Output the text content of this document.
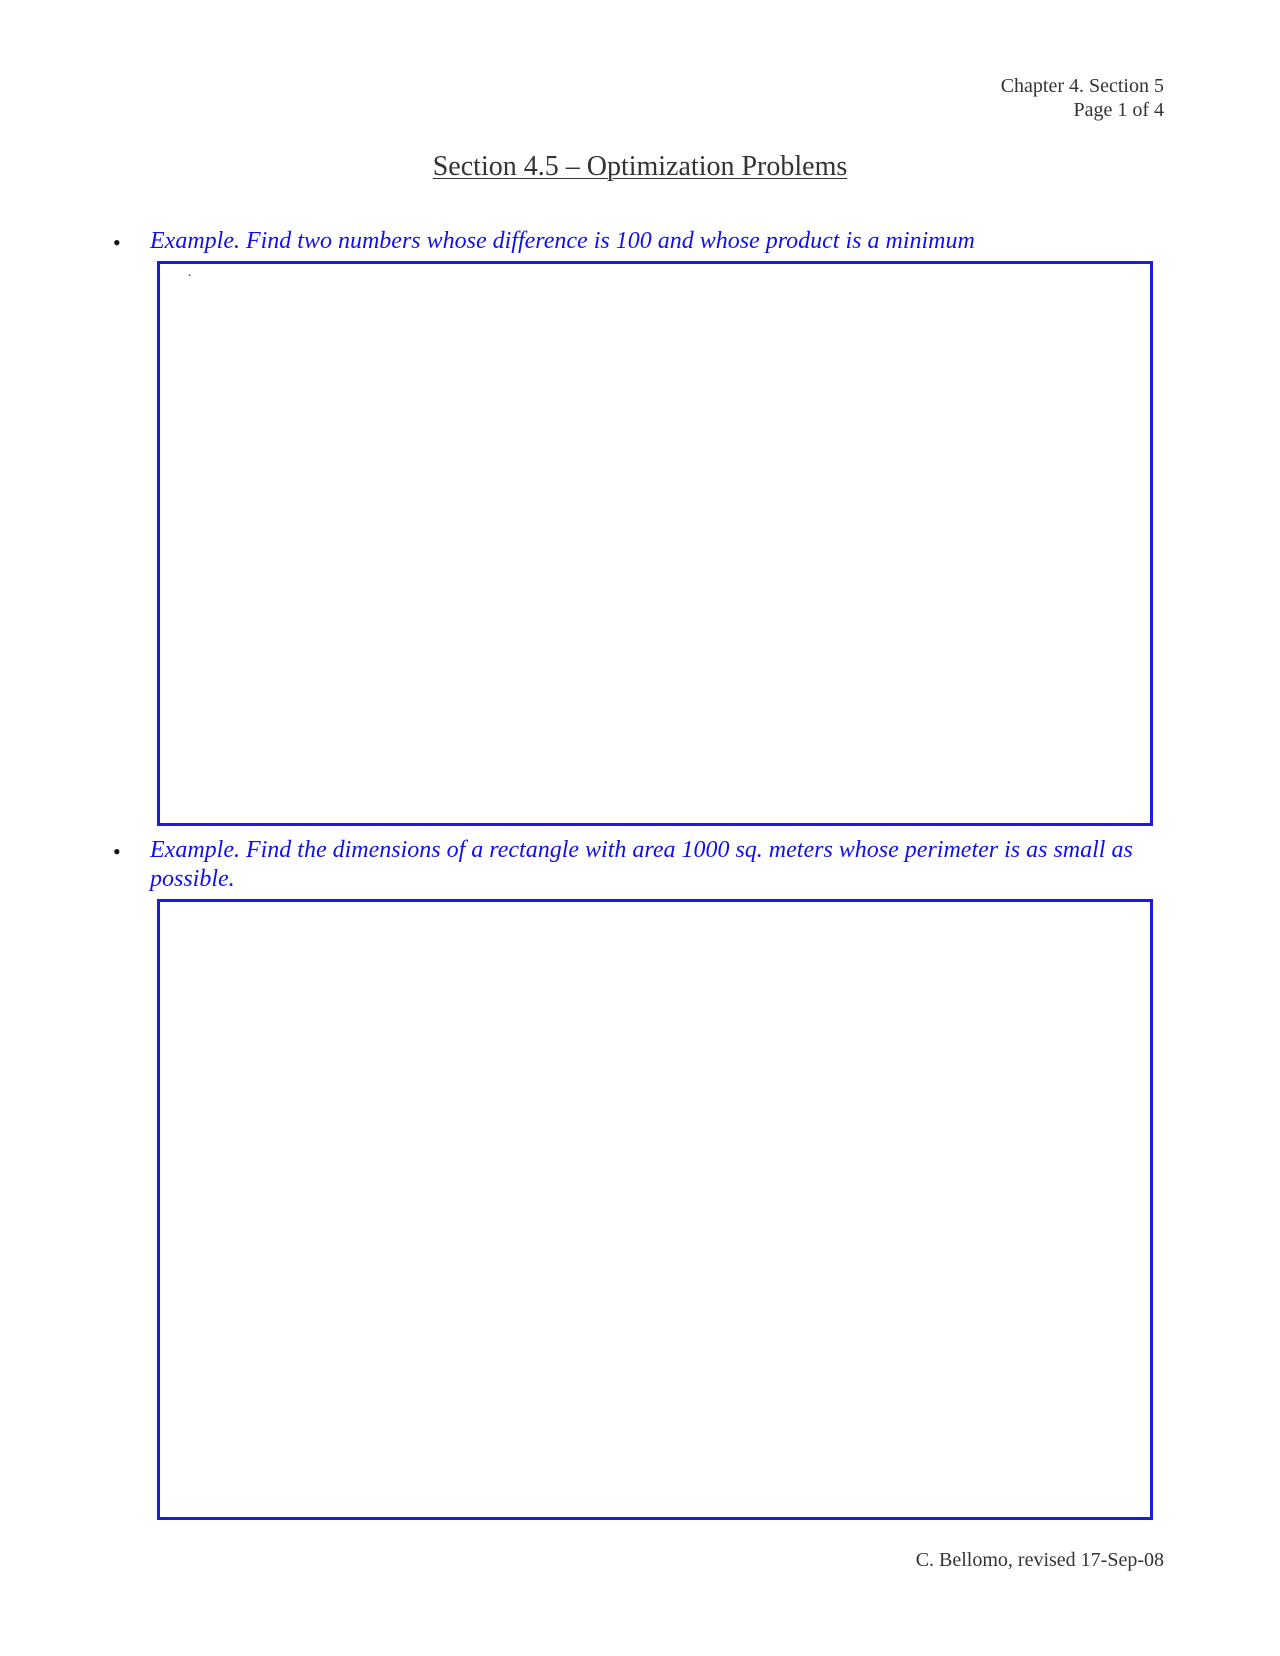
Chapter 4. Section 5
Page 1 of 4
Section 4.5 – Optimization Problems
• Example. Find two numbers whose difference is 100 and whose product is a minimum
.
• Example. Find the dimensions of a rectangle with area 1000 sq. meters whose perimeter is as small as possible.
C. Bellomo, revised 17-Sep-08
